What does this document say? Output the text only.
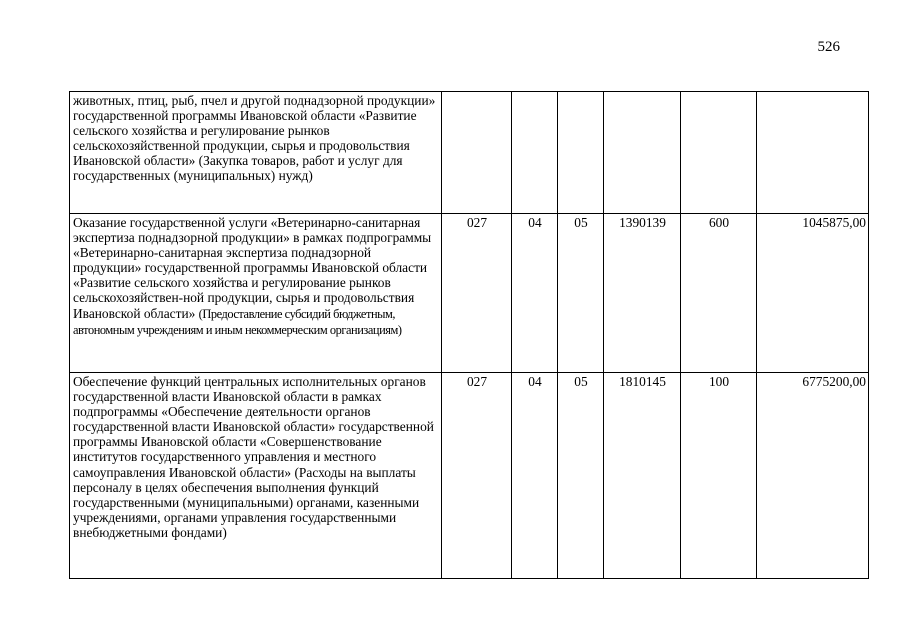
526
животных, птиц, рыб, пчел и другой поднадзорной продукции» государственной программы Ивановской области «Развитие сельского хозяйства и регулирование рынков сельскохозяйственной продукции, сырья и продовольствия Ивановской области» (Закупка товаров, работ и услуг для государственных (муниципальных) нужд)						
Оказание государственной услуги «Ветеринарно-санитарная экспертиза поднадзорной продукции» в рамках подпрограммы «Ветеринарно-санитарная экспертиза поднадзорной продукции» государственной программы Ивановской области «Развитие сельского хозяйства и регулирование рынков сельскохозяйствен-ной продукции, сырья и продовольствия Ивановской области» (Предоставление субсидий бюджетным, автономным учреждениям и иным некоммерческим организациям)	027	04	05	1390139	600	1045875,00
Обеспечение функций центральных исполнительных органов государственной власти Ивановской области в рамках подпрограммы «Обеспечение деятельности органов государственной власти Ивановской области» государственной программы Ивановской области «Совершенствование институтов государственного управления и местного самоуправления Ивановской области» (Расходы на выплаты персоналу в целях обеспечения выполнения функций государственными (муниципальными) органами, казенными учреждениями, органами управления государственными внебюджетными фондами)	027	04	05	1810145	100	6775200,00
